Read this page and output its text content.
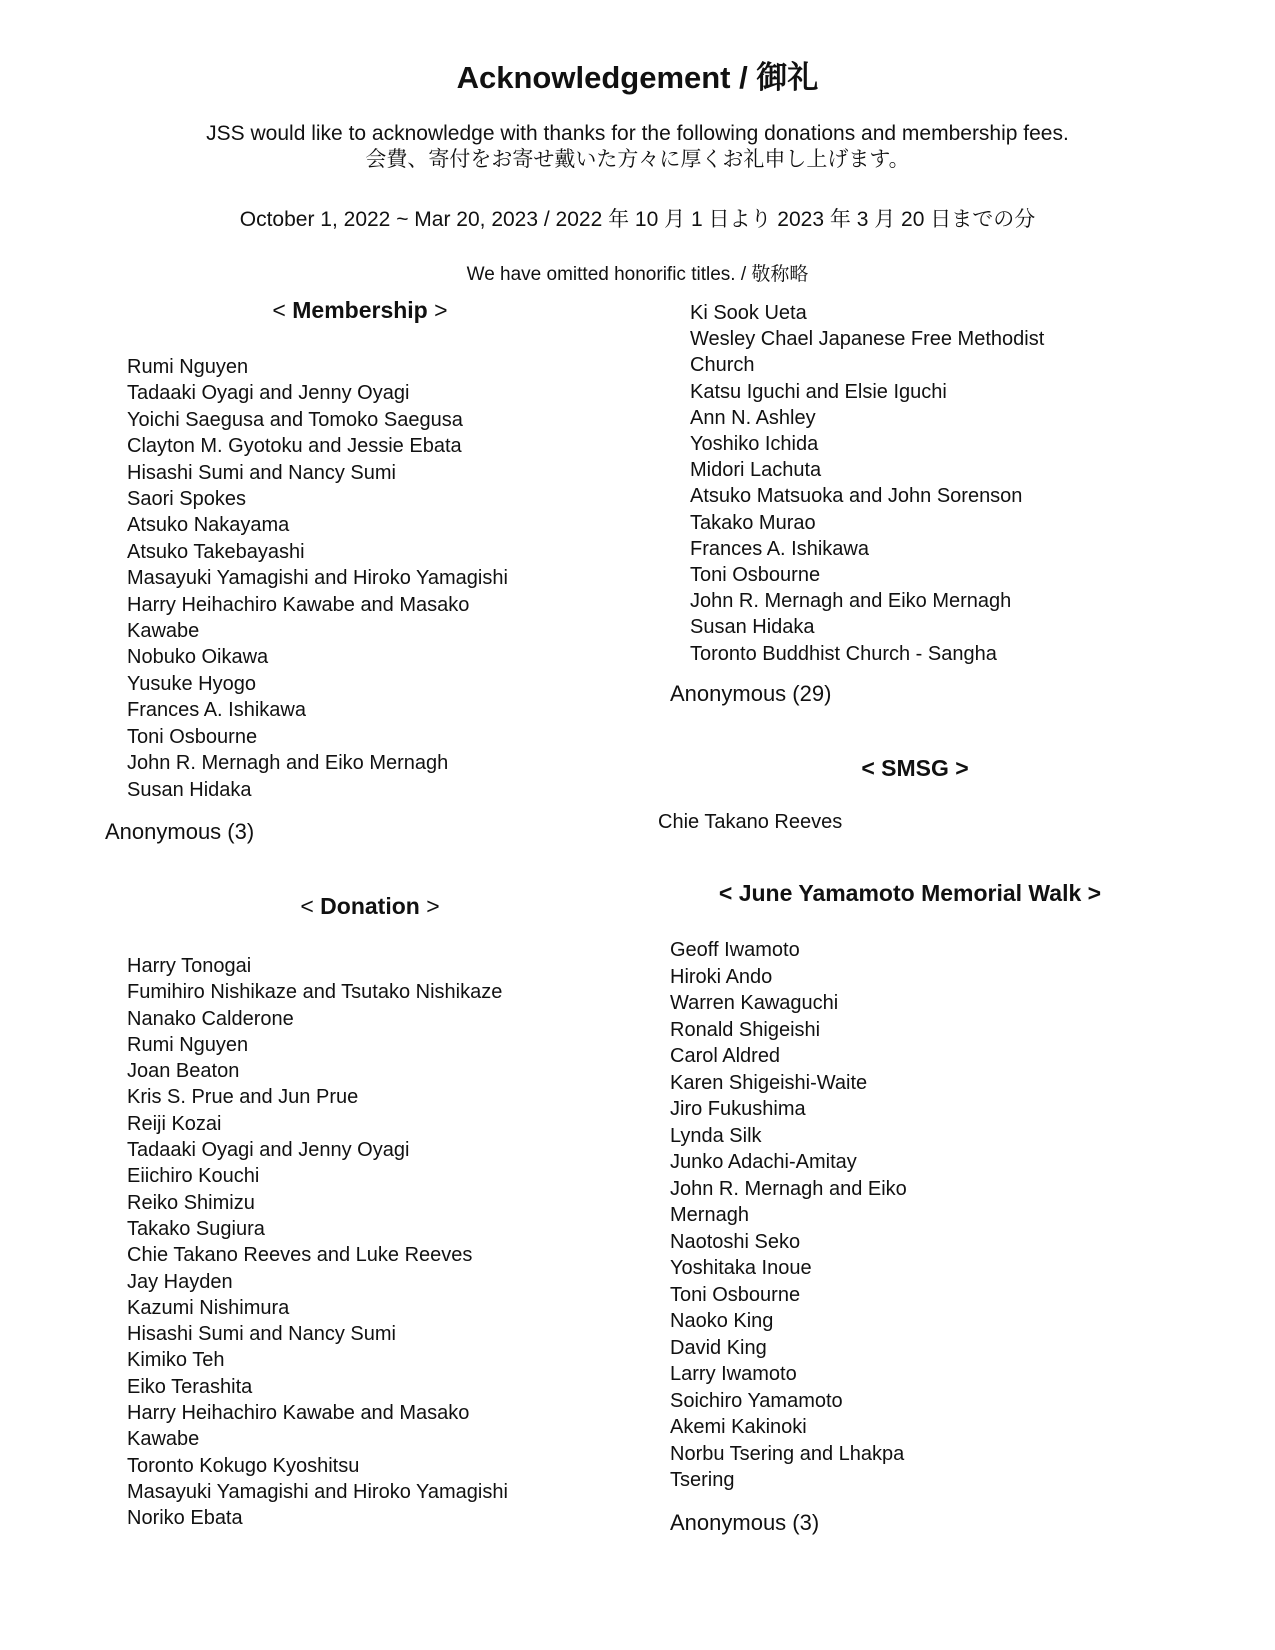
Acknowledgement / 御礼
JSS would like to acknowledge with thanks for the following donations and membership fees.
会費、寄付をお寄せ戴いた方々に厚くお礼申し上げます。
October 1, 2022 ~ Mar 20, 2023 / 2022 年 10 月 1 日より 2023 年 3 月 20 日までの分
We have omitted honorific titles. / 敬称略
< Membership >
Rumi Nguyen
Tadaaki Oyagi and Jenny Oyagi
Yoichi Saegusa and Tomoko Saegusa
Clayton M. Gyotoku and Jessie Ebata
Hisashi Sumi and Nancy Sumi
Saori Spokes
Atsuko Nakayama
Atsuko Takebayashi
Masayuki Yamagishi and Hiroko Yamagishi
Harry Heihachiro Kawabe and Masako
Kawabe
Nobuko Oikawa
Yusuke Hyogo
Frances A. Ishikawa
Toni Osbourne
John R. Mernagh and Eiko Mernagh
Susan Hidaka
Anonymous (3)
< Donation >
Harry Tonogai
Fumihiro Nishikaze and Tsutako Nishikaze
Nanako Calderone
Rumi Nguyen
Joan Beaton
Kris S. Prue and Jun Prue
Reiji Kozai
Tadaaki Oyagi and Jenny Oyagi
Eiichiro Kouchi
Reiko Shimizu
Takako Sugiura
Chie Takano Reeves and Luke Reeves
Jay Hayden
Kazumi Nishimura
Hisashi Sumi and Nancy Sumi
Kimiko Teh
Eiko Terashita
Harry Heihachiro Kawabe and Masako
Kawabe
Toronto Kokugo Kyoshitsu
Masayuki Yamagishi and Hiroko Yamagishi
Noriko Ebata
Ki Sook Ueta
Wesley Chael Japanese Free Methodist
Church
Katsu Iguchi and Elsie Iguchi
Ann N. Ashley
Yoshiko Ichida
Midori Lachuta
Atsuko Matsuoka and John Sorenson
Takako Murao
Frances A. Ishikawa
Toni Osbourne
John R. Mernagh and Eiko Mernagh
Susan Hidaka
Toronto Buddhist Church - Sangha
Anonymous (29)
< SMSG >
Chie Takano Reeves
< June Yamamoto Memorial Walk >
Geoff Iwamoto
Hiroki Ando
Warren Kawaguchi
Ronald Shigeishi
Carol Aldred
Karen Shigeishi-Waite
Jiro Fukushima
Lynda Silk
Junko Adachi-Amitay
John R. Mernagh and Eiko
Mernagh
Naotoshi Seko
Yoshitaka Inoue
Toni Osbourne
Naoko King
David King
Larry Iwamoto
Soichiro Yamamoto
Akemi Kakinoki
Norbu Tsering and Lhakpa
Tsering
Anonymous (3)
